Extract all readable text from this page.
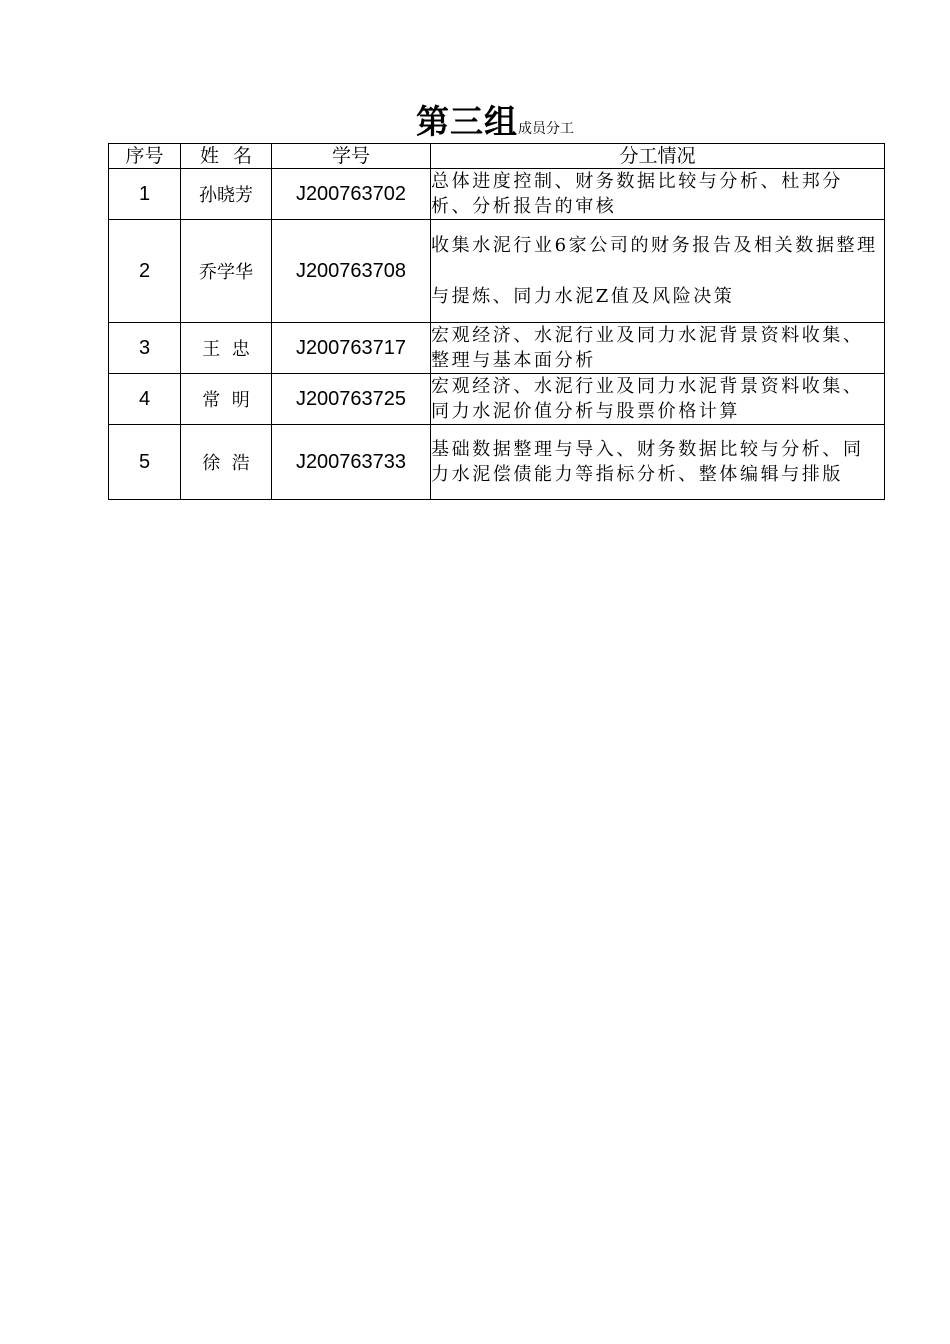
第三组成员分工
序号	姓 名	学号	分工情况
1	孙晓芳	J200763702	总体进度控制、财务数据比较与分析、杜邦分析、分析报告的审核
2	乔学华	J200763708	收集水泥行业6家公司的财务报告及相关数据整理与提炼、同力水泥Z值及风险决策
3	王  忠	J200763717	宏观经济、水泥行业及同力水泥背景资料收集、整理与基本面分析
4	常  明	J200763725	宏观经济、水泥行业及同力水泥背景资料收集、同力水泥价值分析与股票价格计算
5	徐  浩	J200763733	基础数据整理与导入、财务数据比较与分析、同力水泥偿债能力等指标分析、整体编辑与排版
